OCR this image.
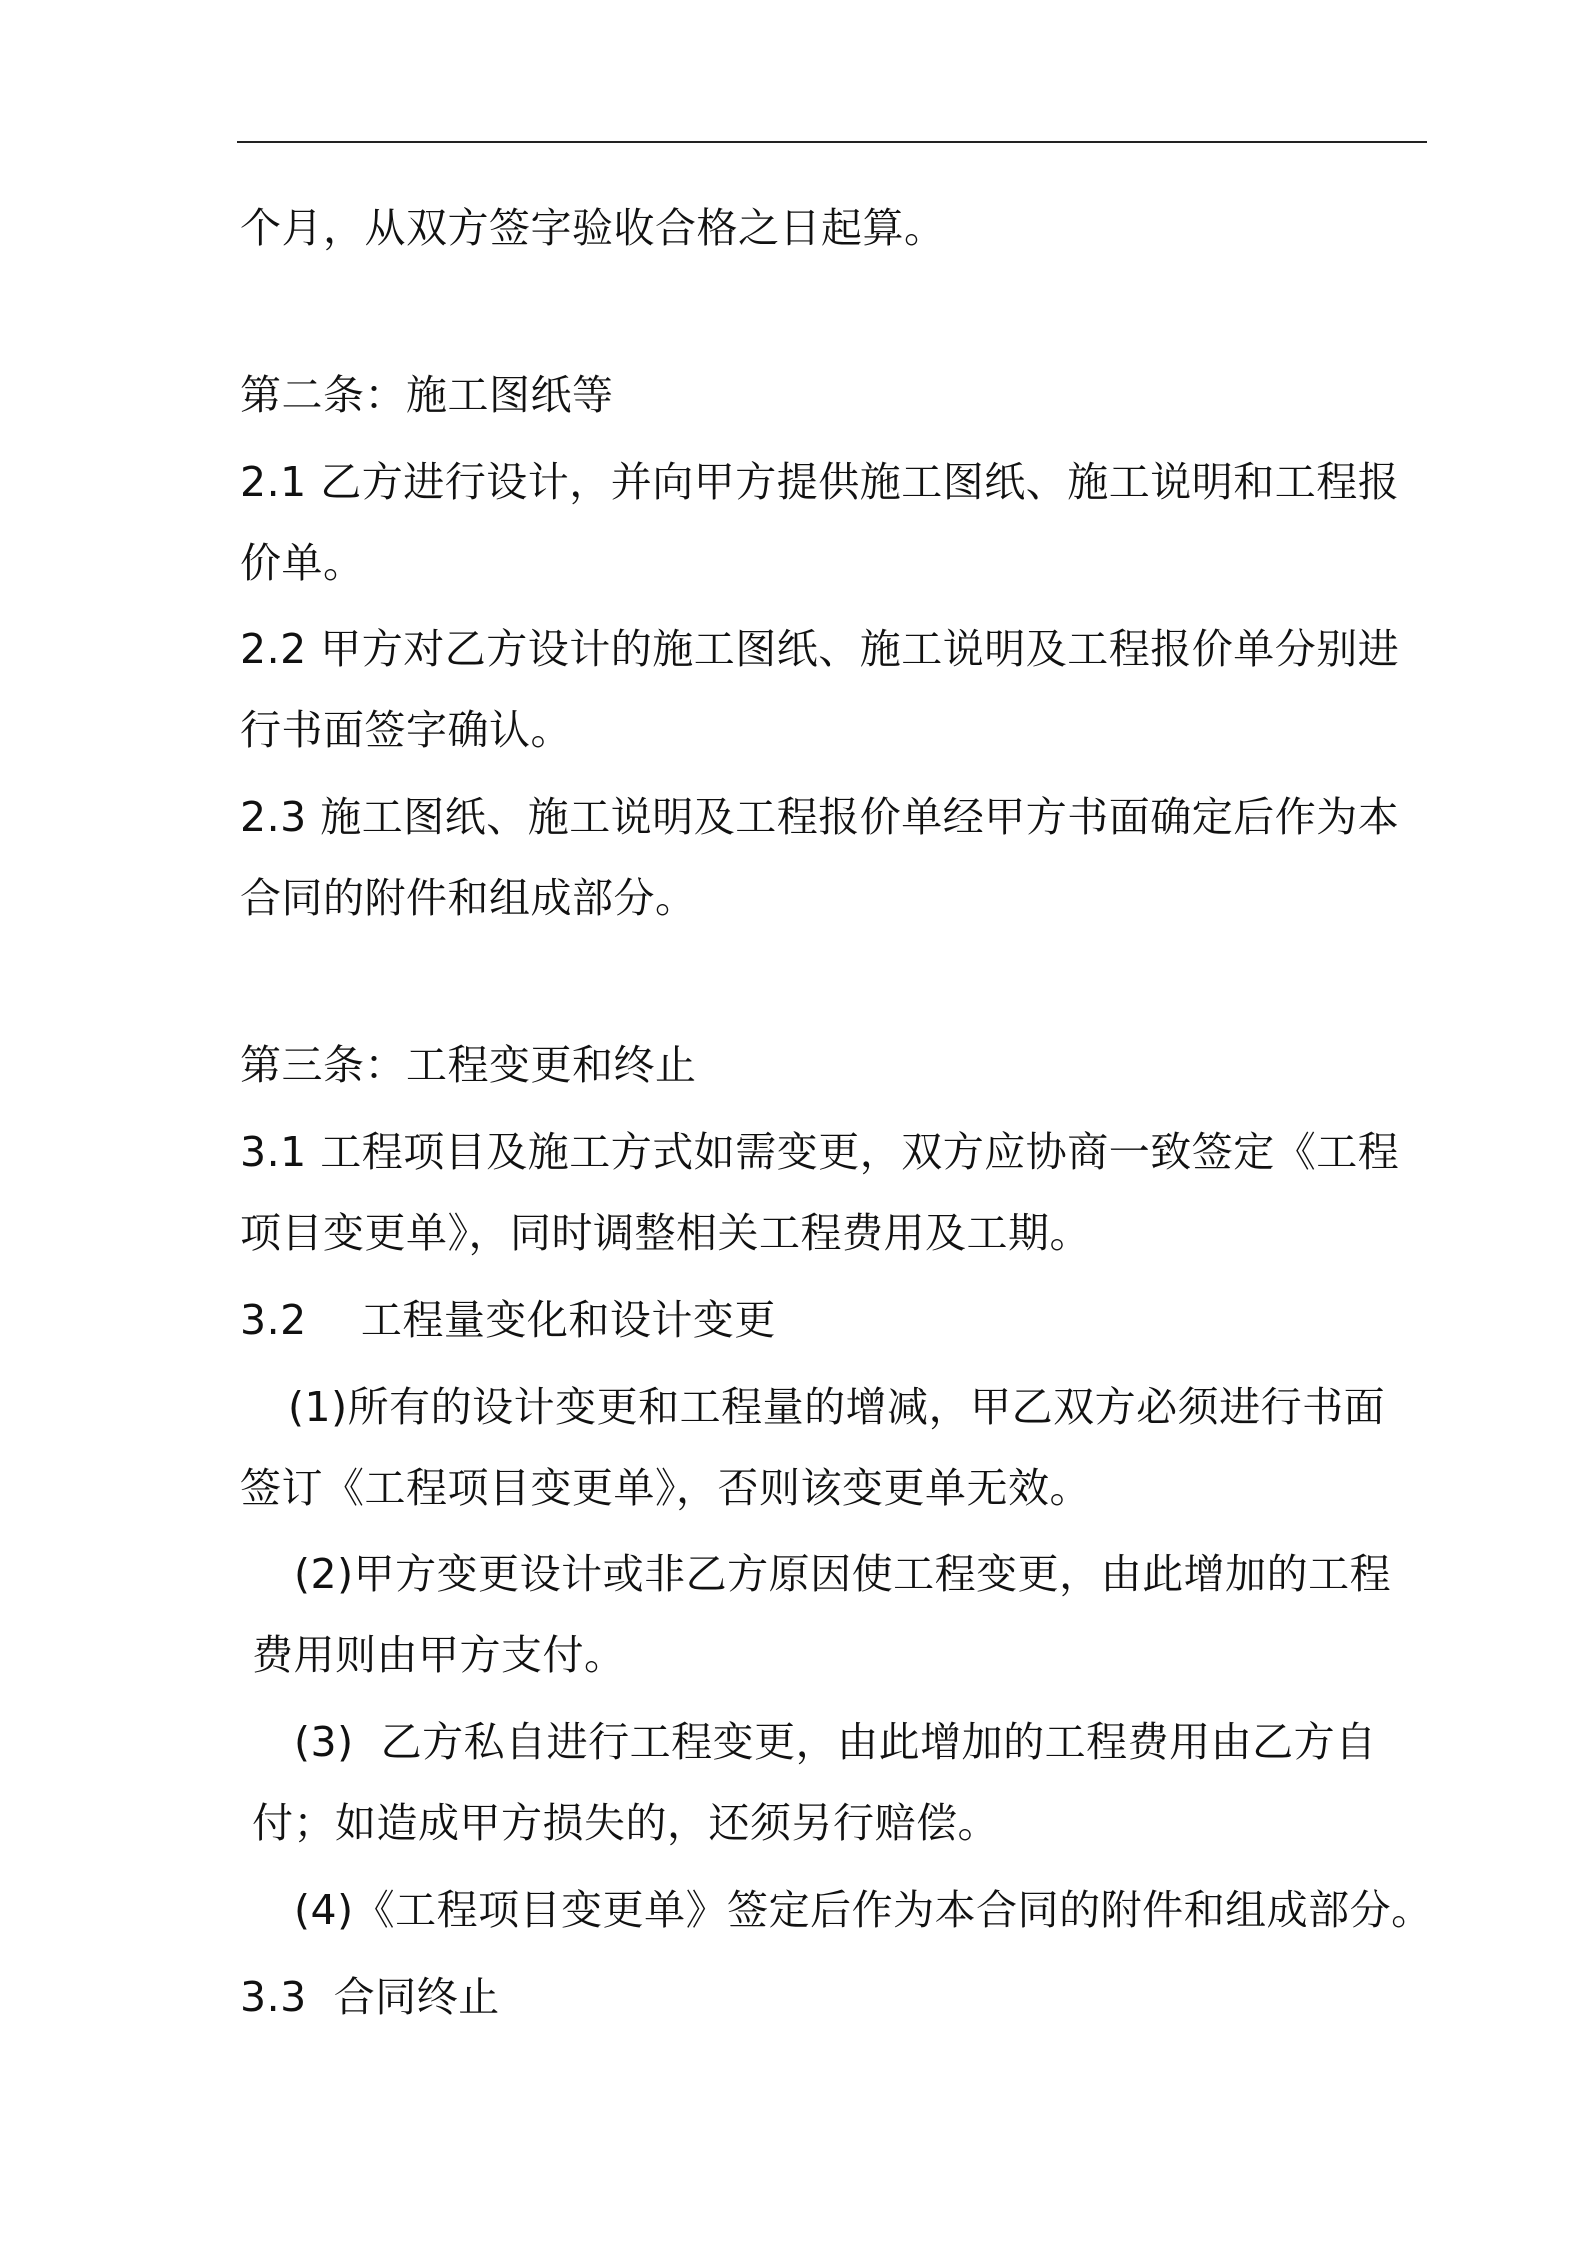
个月，从双方签字验收合格之日起算。

第二条：施工图纸等

2.1 乙方进行设计，并向甲方提供施工图纸、施工说明和工程报

价单。

2.2 甲方对乙方设计的施工图纸、施工说明及工程报价单分别进

行书面签字确认。

2.3 施工图纸、施工说明及工程报价单经甲方书面确定后作为本

合同的附件和组成部分。

第三条：工程变更和终止

3.1 工程项目及施工方式如需变更，双方应协商一致签定《工程

项目变更单》，同时调整相关工程费用及工期。

3.2    工程量变化和设计变更

(1)所有的设计变更和工程量的增减，甲乙双方必须进行书面

签订《工程项目变更单》，否则该变更单无效。

(2)甲方变更设计或非乙方原因使工程变更，由此增加的工程

费用则由甲方支付。

(3)  乙方私自进行工程变更，由此增加的工程费用由乙方自

付；如造成甲方损失的，还须另行赔偿。

(4)《工程项目变更单》签定后作为本合同的附件和组成部分。

3.3  合同终止
